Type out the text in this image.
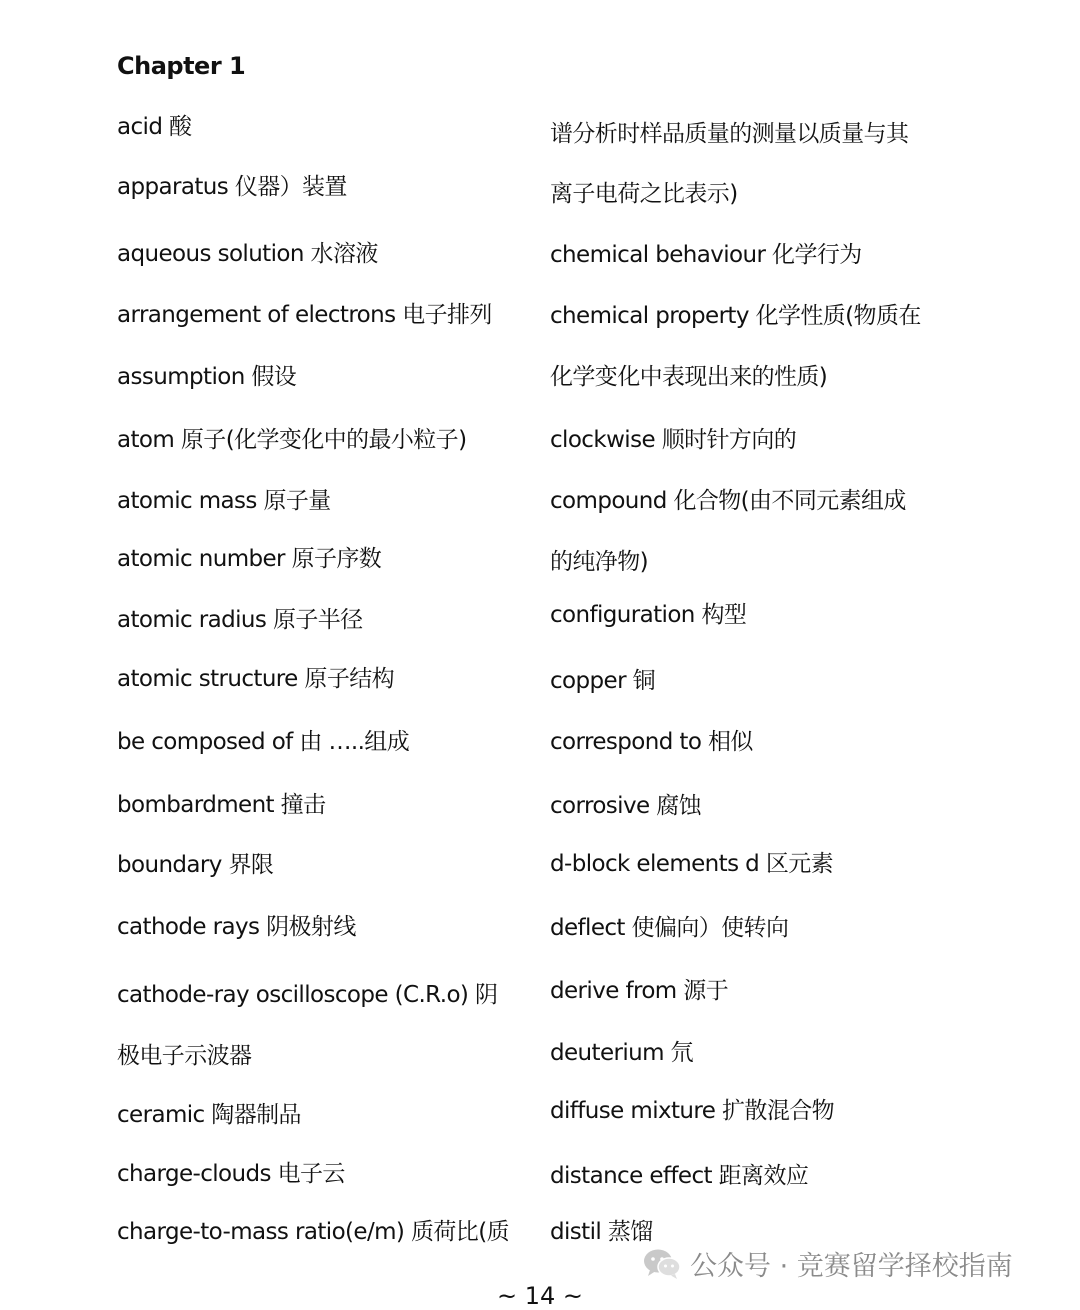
Chapter 1
acid 酸
apparatus 仪器）装置
aqueous solution 水溶液
arrangement of electrons 电子排列
assumption 假设
atom 原子(化学变化中的最小粒子)
atomic mass 原子量
atomic number 原子序数
atomic radius 原子半径
atomic structure 原子结构
be composed of 由 …..组成
bombardment 撞击
boundary 界限
cathode rays 阴极射线
cathode-ray oscilloscope (C.R.o) 阴
极电子示波器
ceramic 陶器制品
charge-clouds 电子云
charge-to-mass ratio(e/m) 质荷比(质
谱分析时样品质量的测量以质量与其
离子电荷之比表示)
chemical behaviour 化学行为
chemical property 化学性质(物质在
化学变化中表现出来的性质)
clockwise 顺时针方向的
compound 化合物(由不同元素组成
的纯净物)
configuration 构型
copper 铜
correspond to 相似
corrosive 腐蚀
d-block elements d 区元素
deflect 使偏向）使转向
derive from 源于
deuterium 氘
diffuse mixture 扩散混合物
distance effect 距离效应
distil 蒸馏
公众号 · 竞赛留学择校指南
~ 14 ~
